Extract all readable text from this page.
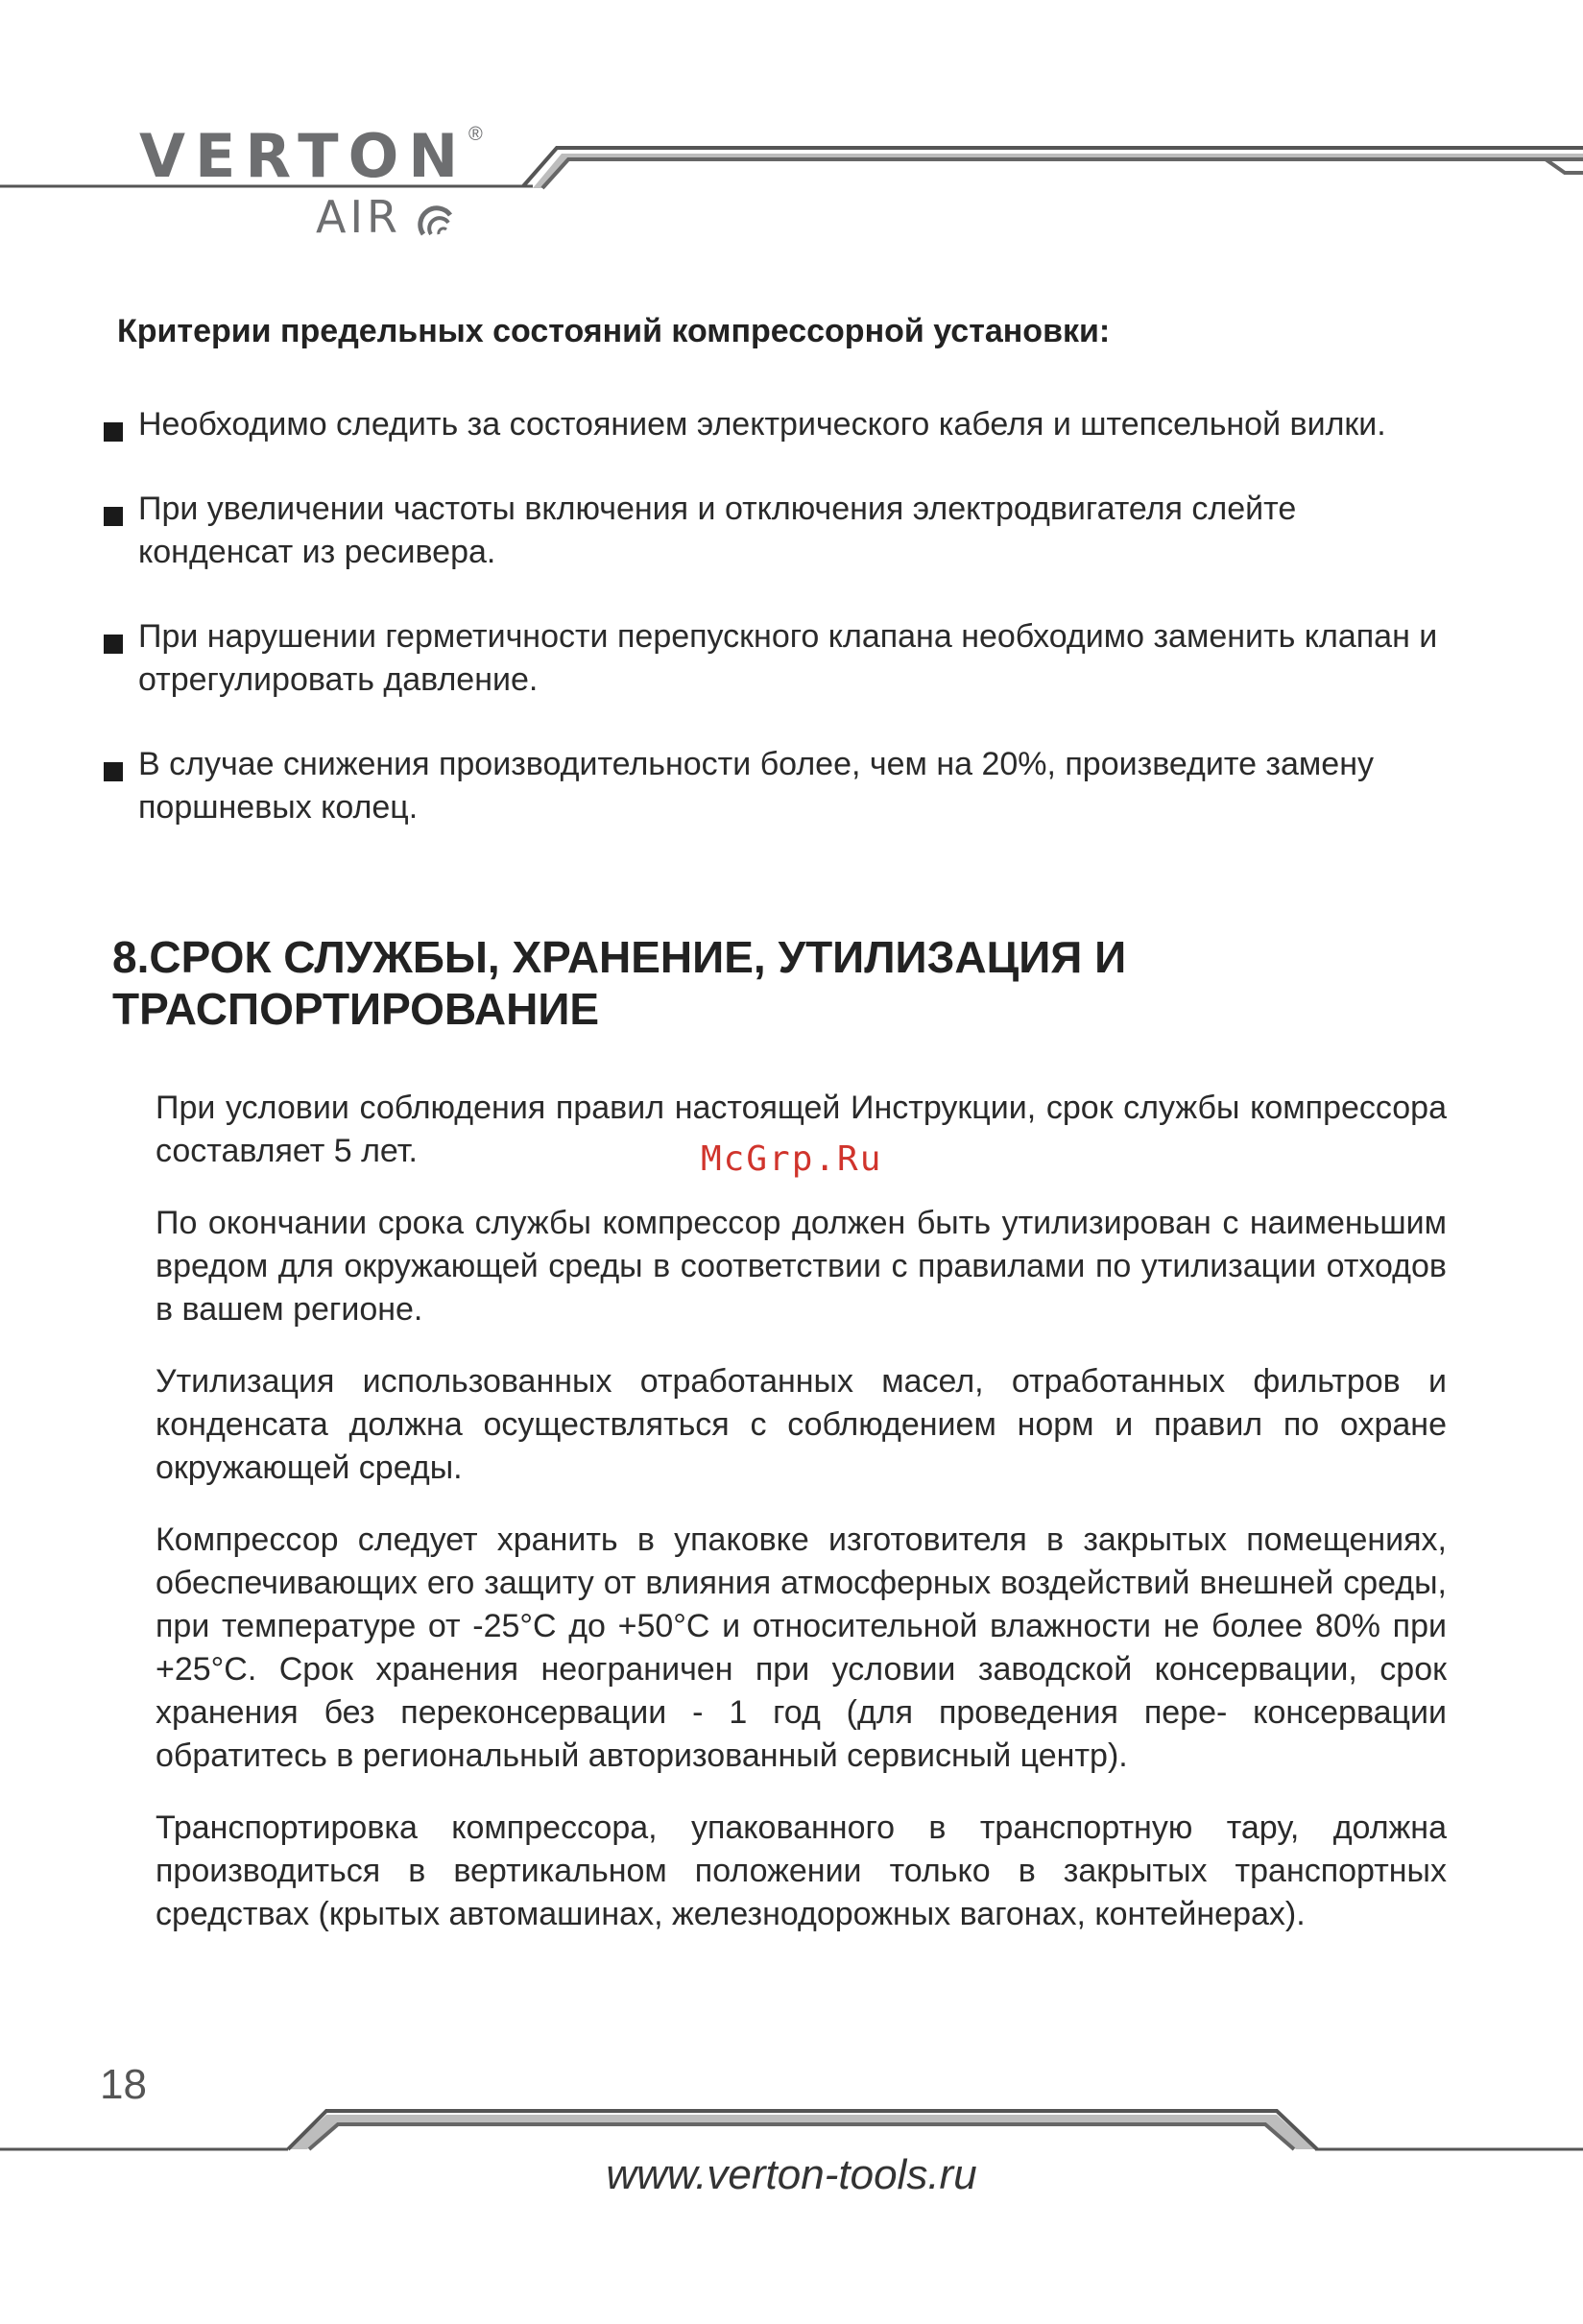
VERTON ®
AIR
Критерии предельных состояний компрессорной установки:
Необходимо следить за состоянием электрического кабеля и штепсельной вилки.
При увеличении частоты включения и отключения электродвигателя слейте конденсат из ресивера.
При нарушении герметичности перепускного клапана необходимо заменить клапан и отрегулировать давление.
В случае снижения производительности более, чем на 20%, произведите замену поршневых колец.
8.СРОК СЛУЖБЫ, ХРАНЕНИЕ, УТИЛИЗАЦИЯ И
ТРАСПОРТИРОВАНИЕ

При условии соблюдения правил настоящей Инструкции, срок службы компрессора составляет 5 лет.

По окончании срока службы компрессор должен быть утилизирован с наименьшим вредом для окружающей среды в соответствии с правилами по утилизации отходов в вашем регионе.

Утилизация использованных отработанных масел, отработанных фильтров и конденсата должна осуществляться с соблюдением норм и правил по охране окружающей среды.

Компрессор следует хранить в упаковке изготовителя в закрытых помещениях, обеспечивающих его защиту от влияния атмосферных воздействий внешней среды, при температуре от -25°С до +50°С и относительной влажности не более 80% при +25°С. Срок хранения неограничен при условии заводской консервации, срок хранения без переконсервации - 1 год (для проведения пере- консервации обратитесь в региональный авторизованный сервисный центр).

Транспортировка компрессора, упакованного в транспортную тару, должна производиться в вертикальном положении только в закрытых транспортных средствах (крытых автомашинах, железнодорожных вагонах, контейнерах).

McGrp.Ru
18
www.verton-tools.ru
